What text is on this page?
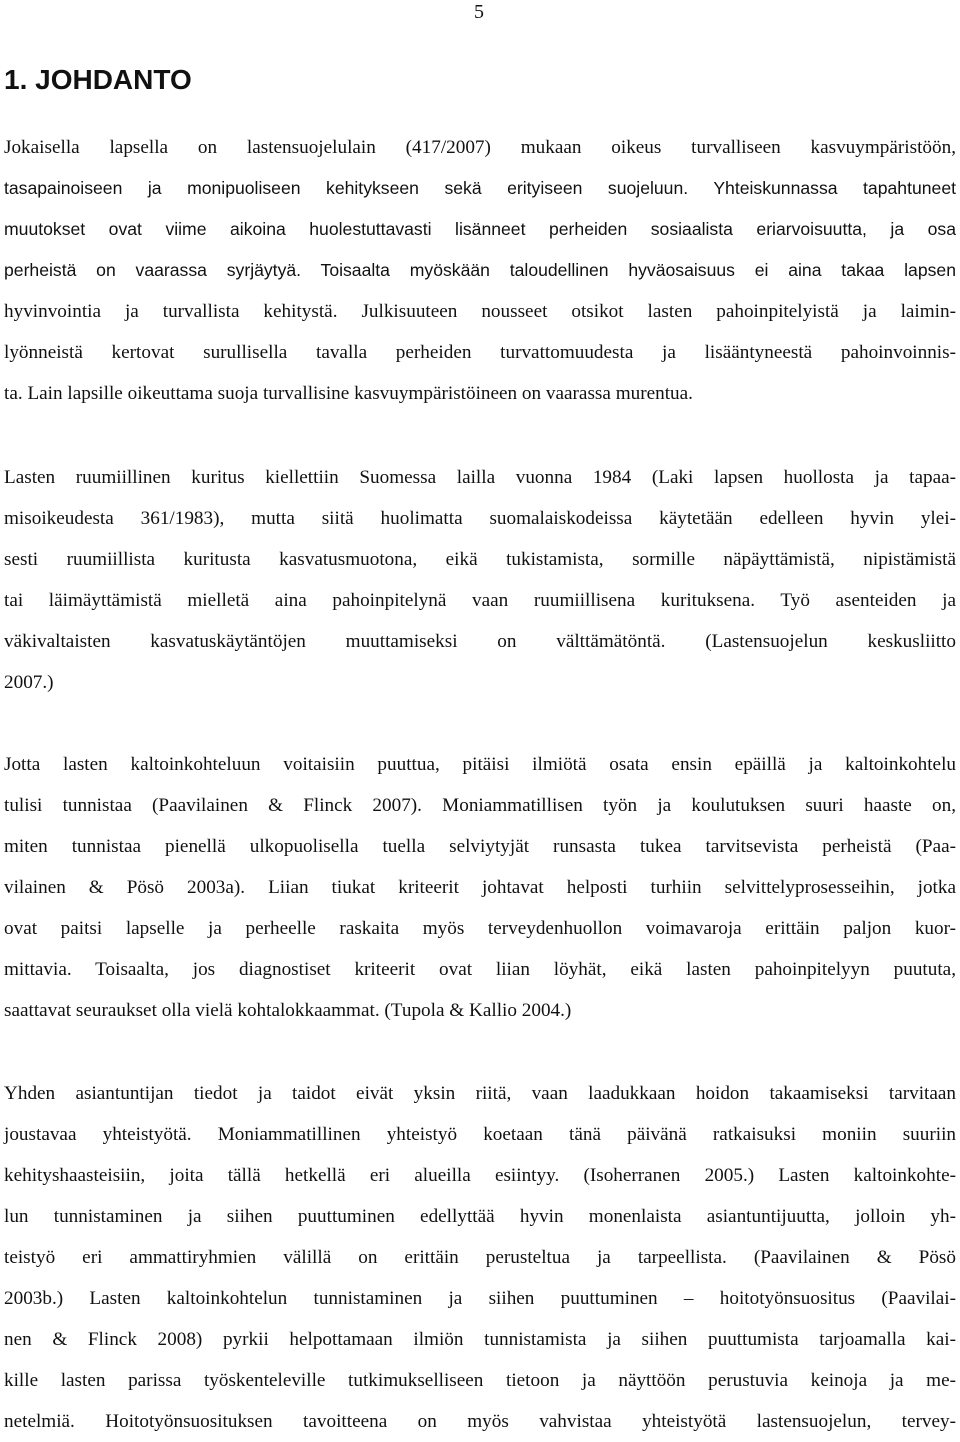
5
1. JOHDANTO
Jokaisella lapsella on lastensuojelulain (417/2007) mukaan oikeus turvalliseen kasvuympäristöön,
tasapainoiseen ja monipuoliseen kehitykseen sekä erityiseen suojeluun. Yhteiskunnassa tapahtuneet
muutokset ovat viime aikoina huolestuttavasti lisänneet perheiden sosiaalista eriarvoisuutta, ja osa
perheistä on vaarassa syrjäytyä. Toisaalta myöskään taloudellinen hyväosaisuus ei aina takaa lapsen
hyvinvointia ja turvallista kehitystä. Julkisuuteen nousseet otsikot lasten pahoinpitelyistä ja laimin-
lyönneistä kertovat surullisella tavalla perheiden turvattomuudesta ja lisääntyneestä pahoinvoinnis-
ta. Lain lapsille oikeuttama suoja turvallisine kasvuympäristöineen on vaarassa murentua.
Lasten ruumiillinen kuritus kiellettiin Suomessa lailla vuonna 1984 (Laki lapsen huollosta ja tapaa-
misoikeudesta 361/1983), mutta siitä huolimatta suomalaiskodeissa käytetään edelleen hyvin ylei-
sesti ruumiillista kuritusta kasvatusmuotona, eikä tukistamista, sormille näpäyttämistä, nipistämistä
tai läimäyttämistä mielletä aina pahoinpitelynä vaan ruumiillisena kurituksena. Työ asenteiden ja
väkivaltaisten kasvatuskäytäntöjen muuttamiseksi on välttämätöntä. (Lastensuojelun keskusliitto
2007.)
Jotta lasten kaltoinkohteluun voitaisiin puuttua, pitäisi ilmiötä osata ensin epäillä ja kaltoinkohtelu
tulisi tunnistaa (Paavilainen & Flinck 2007). Moniammatillisen työn ja koulutuksen suuri haaste on,
miten tunnistaa pienellä ulkopuolisella tuella selviytyjät runsasta tukea tarvitsevista perheistä (Paa-
vilainen & Pösö 2003a). Liian tiukat kriteerit johtavat helposti turhiin selvittelyprosesseihin, jotka
ovat paitsi lapselle ja perheelle raskaita myös terveydenhuollon voimavaroja erittäin paljon kuor-
mittavia. Toisaalta, jos diagnostiset kriteerit ovat liian löyhät, eikä lasten pahoinpitelyyn puututa,
saattavat seuraukset olla vielä kohtalokkaammat. (Tupola & Kallio 2004.)
Yhden asiantuntijan tiedot ja taidot eivät yksin riitä, vaan laadukkaan hoidon takaamiseksi tarvitaan
joustavaa yhteistyötä. Moniammatillinen yhteistyö koetaan tänä päivänä ratkaisuksi moniin suuriin
kehityshaasteisiin, joita tällä hetkellä eri alueilla esiintyy. (Isoherranen 2005.) Lasten kaltoinkohte-
lun tunnistaminen ja siihen puuttuminen edellyttää hyvin monenlaista asiantuntijuutta, jolloin yh-
teistyö eri ammattiryhmien välillä on erittäin perusteltua ja tarpeellista. (Paavilainen & Pösö
2003b.) Lasten kaltoinkohtelun tunnistaminen ja siihen puuttuminen – hoitotyönsuositus (Paavilai-
nen & Flinck 2008) pyrkii helpottamaan ilmiön tunnistamista ja siihen puuttumista tarjoamalla kai-
kille lasten parissa työskenteleville tutkimukselliseen tietoon ja näyttöön perustuvia keinoja ja me-
netelmiä. Hoitotyönsuosituksen tavoitteena on myös vahvistaa yhteistyötä lastensuojelun, tervey-
